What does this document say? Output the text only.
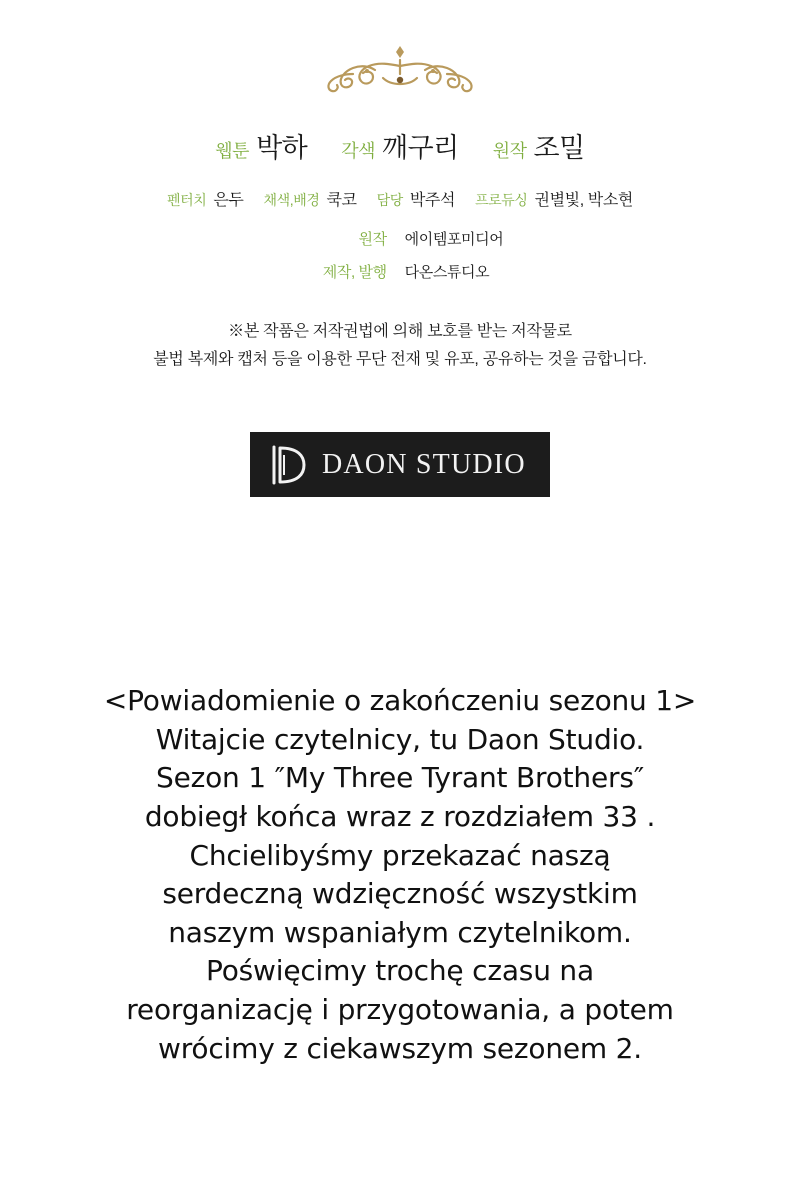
웹툰 박하 각색 깨구리 원작 조밀
펜터치 은두 채색,배경 쿡코 담당 박주석 프로듀싱 권별빛, 박소현
원작 에이템포미디어
제작, 발행 다온스튜디오
※본 작품은 저작권법에 의해 보호를 받는 저작물로
불법 복제와 캡처 등을 이용한 무단 전재 및 유포, 공유하는 것을 금합니다.
DAON STUDIO
<Powiadomienie o zakończeniu sezonu 1>
Witajcie czytelnicy, tu Daon Studio.
Sezon 1 ″My Three Tyrant Brothers″
dobiegł końca wraz z rozdziałem 33 .
Chcielibyśmy przekazać naszą
serdeczną wdzięczność wszystkim
naszym wspaniałym czytelnikom.
Poświęcimy trochę czasu na
reorganizację i przygotowania, a potem
wrócimy z ciekawszym sezonem 2.
